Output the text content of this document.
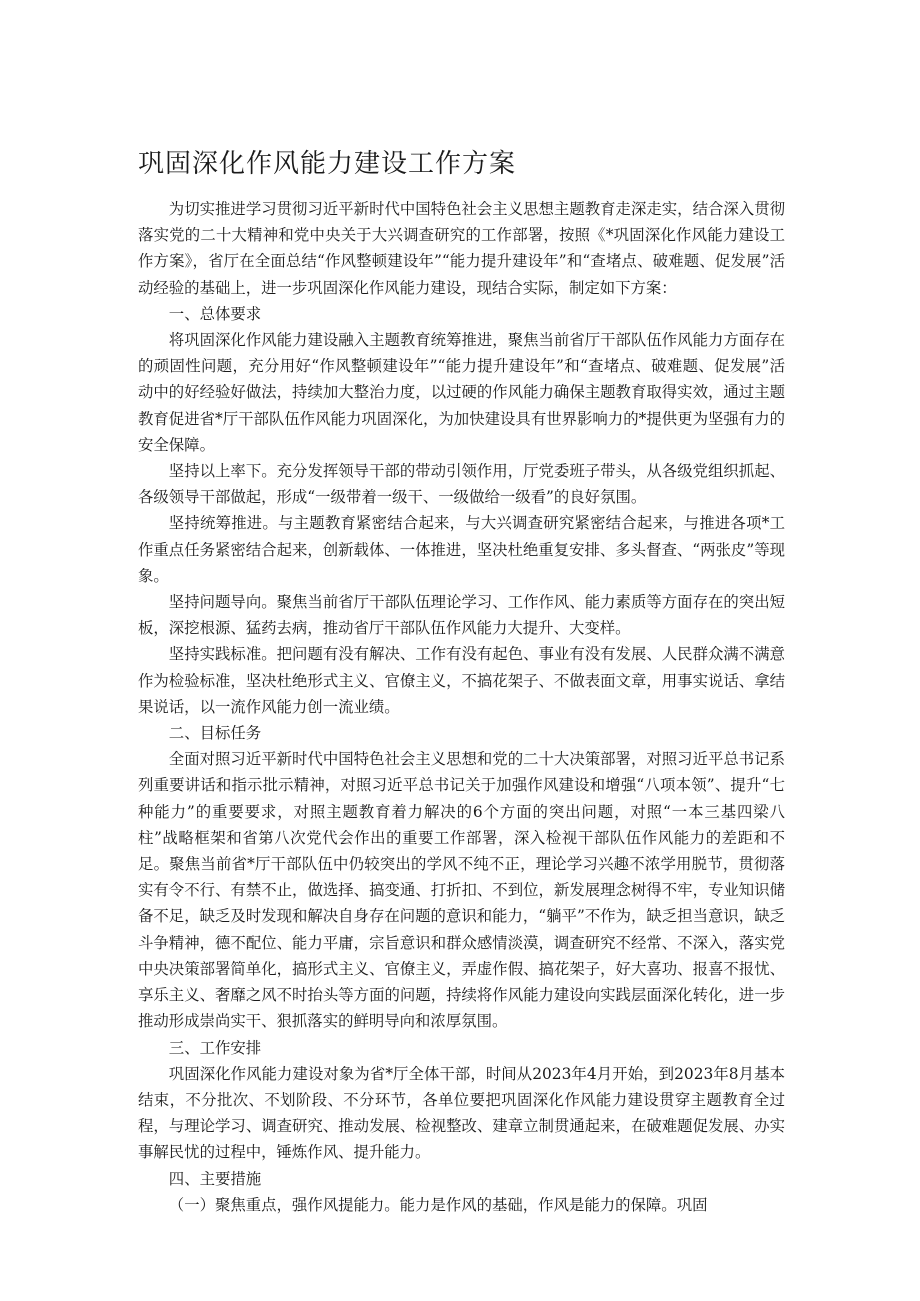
巩固深化作风能力建设工作方案

为切实推进学习贯彻习近平新时代中国特色社会主义思想主题教育走深走实，结合深入贯彻落实党的二十大精神和党中央关于大兴调查研究的工作部署，按照《*巩固深化作风能力建设工作方案》，省厅在全面总结“作风整顿建设年”“能力提升建设年”和“查堵点、破难题、促发展”活动经验的基础上，进一步巩固深化作风能力建设，现结合实际，制定如下方案：

一、总体要求

将巩固深化作风能力建设融入主题教育统筹推进，聚焦当前省厅干部队伍作风能力方面存在的顽固性问题，充分用好“作风整顿建设年”“能力提升建设年”和“查堵点、破难题、促发展”活动中的好经验好做法，持续加大整治力度，以过硬的作风能力确保主题教育取得实效，通过主题教育促进省*厅干部队伍作风能力巩固深化，为加快建设具有世界影响力的*提供更为坚强有力的安全保障。

坚持以上率下。充分发挥领导干部的带动引领作用，厅党委班子带头，从各级党组织抓起、各级领导干部做起，形成“一级带着一级干、一级做给一级看”的良好氛围。

坚持统筹推进。与主题教育紧密结合起来，与大兴调查研究紧密结合起来，与推进各项*工作重点任务紧密结合起来，创新载体、一体推进，坚决杜绝重复安排、多头督查、“两张皮”等现象。

坚持问题导向。聚焦当前省厅干部队伍理论学习、工作作风、能力素质等方面存在的突出短板，深挖根源、猛药去病，推动省厅干部队伍作风能力大提升、大变样。

坚持实践标准。把问题有没有解决、工作有没有起色、事业有没有发展、人民群众满不满意作为检验标准，坚决杜绝形式主义、官僚主义，不搞花架子、不做表面文章，用事实说话、拿结果说话，以一流作风能力创一流业绩。

二、目标任务

全面对照习近平新时代中国特色社会主义思想和党的二十大决策部署，对照习近平总书记系列重要讲话和指示批示精神，对照习近平总书记关于加强作风建设和增强“八项本领”、提升“七种能力”的重要要求，对照主题教育着力解决的6个方面的突出问题，对照“一本三基四梁八柱”战略框架和省第八次党代会作出的重要工作部署，深入检视干部队伍作风能力的差距和不足。聚焦当前省*厅干部队伍中仍较突出的学风不纯不正，理论学习兴趣不浓学用脱节，贯彻落实有令不行、有禁不止，做选择、搞变通、打折扣、不到位，新发展理念树得不牢，专业知识储备不足，缺乏及时发现和解决自身存在问题的意识和能力，“躺平”不作为，缺乏担当意识，缺乏斗争精神，德不配位、能力平庸，宗旨意识和群众感情淡漠，调查研究不经常、不深入，落实党中央决策部署简单化，搞形式主义、官僚主义，弄虚作假、搞花架子，好大喜功、报喜不报忧、享乐主义、奢靡之风不时抬头等方面的问题，持续将作风能力建设向实践层面深化转化，进一步推动形成崇尚实干、狠抓落实的鲜明导向和浓厚氛围。

三、工作安排

巩固深化作风能力建设对象为省*厅全体干部，时间从2023年4月开始，到2023年8月基本结束，不分批次、不划阶段、不分环节，各单位要把巩固深化作风能力建设贯穿主题教育全过程，与理论学习、调查研究、推动发展、检视整改、建章立制贯通起来，在破难题促发展、办实事解民忧的过程中，锤炼作风、提升能力。

四、主要措施

（一）聚焦重点，强作风提能力。能力是作风的基础，作风是能力的保障。巩固
